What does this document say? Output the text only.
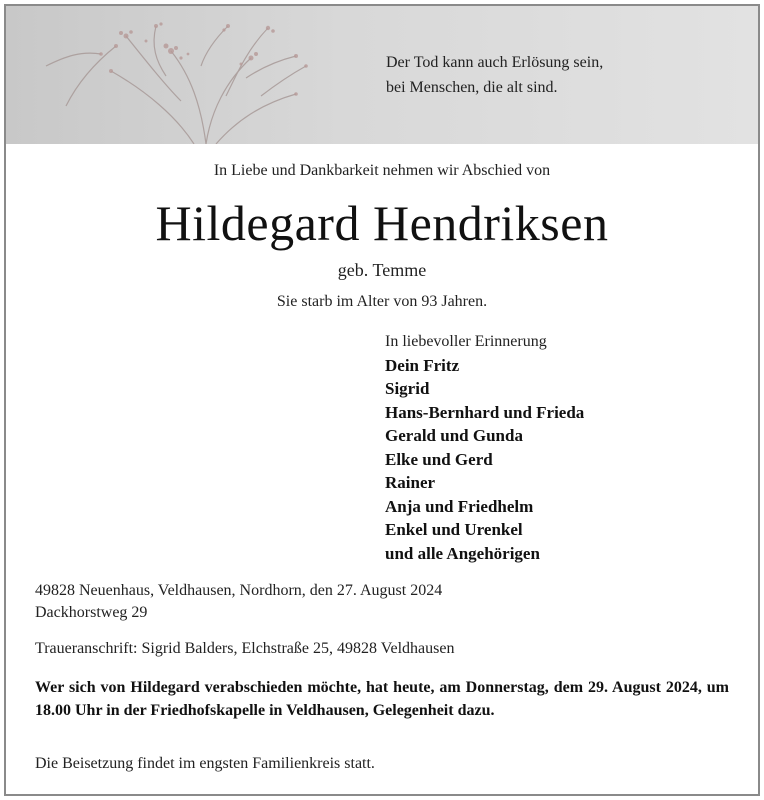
Der Tod kann auch Erlösung sein,
bei Menschen, die alt sind.
In Liebe und Dankbarkeit nehmen wir Abschied von
Hildegard Hendriksen
geb. Temme
Sie starb im Alter von 93 Jahren.
In liebevoller Erinnerung
Dein Fritz
Sigrid
Hans-Bernhard und Frieda
Gerald und Gunda
Elke und Gerd
Rainer
Anja und Friedhelm
Enkel und Urenkel
und alle Angehörigen
49828 Neuenhaus, Veldhausen, Nordhorn, den 27. August 2024
Dackhorstweg 29
Traueranschrift: Sigrid Balders, Elchstraße 25, 49828 Veldhausen
Wer sich von Hildegard verabschieden möchte, hat heute, am Donnerstag, dem 29. August 2024, um 18.00 Uhr in der Friedhofskapelle in Veldhausen, Gelegenheit dazu.
Die Beisetzung findet im engsten Familienkreis statt.
